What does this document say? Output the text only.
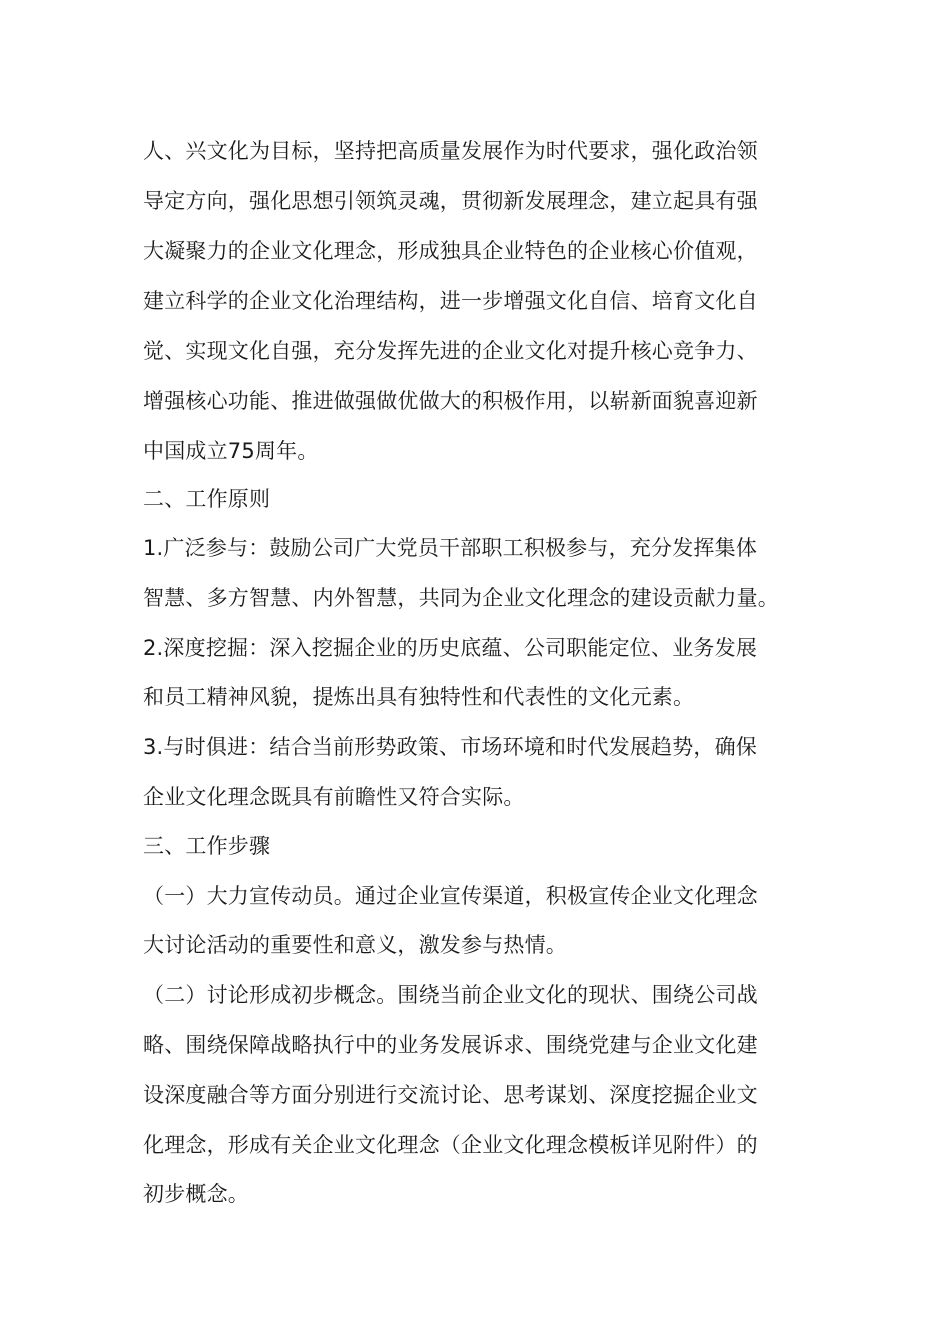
人、兴文化为目标，坚持把高质量发展作为时代要求，强化政治领
导定方向，强化思想引领筑灵魂，贯彻新发展理念，建立起具有强
大凝聚力的企业文化理念，形成独具企业特色的企业核心价值观，
建立科学的企业文化治理结构，进一步增强文化自信、培育文化自
觉、实现文化自强，充分发挥先进的企业文化对提升核心竞争力、
增强核心功能、推进做强做优做大的积极作用，以崭新面貌喜迎新
中国成立75周年。
二、工作原则
1.广泛参与：鼓励公司广大党员干部职工积极参与，充分发挥集体
智慧、多方智慧、内外智慧，共同为企业文化理念的建设贡献力量。
2.深度挖掘：深入挖掘企业的历史底蕴、公司职能定位、业务发展
和员工精神风貌，提炼出具有独特性和代表性的文化元素。
3.与时俱进：结合当前形势政策、市场环境和时代发展趋势，确保
企业文化理念既具有前瞻性又符合实际。
三、工作步骤
（一）大力宣传动员。通过企业宣传渠道，积极宣传企业文化理念
大讨论活动的重要性和意义，激发参与热情。
（二）讨论形成初步概念。围绕当前企业文化的现状、围绕公司战
略、围绕保障战略执行中的业务发展诉求、围绕党建与企业文化建
设深度融合等方面分别进行交流讨论、思考谋划、深度挖掘企业文
化理念，形成有关企业文化理念（企业文化理念模板详见附件）的
初步概念。
